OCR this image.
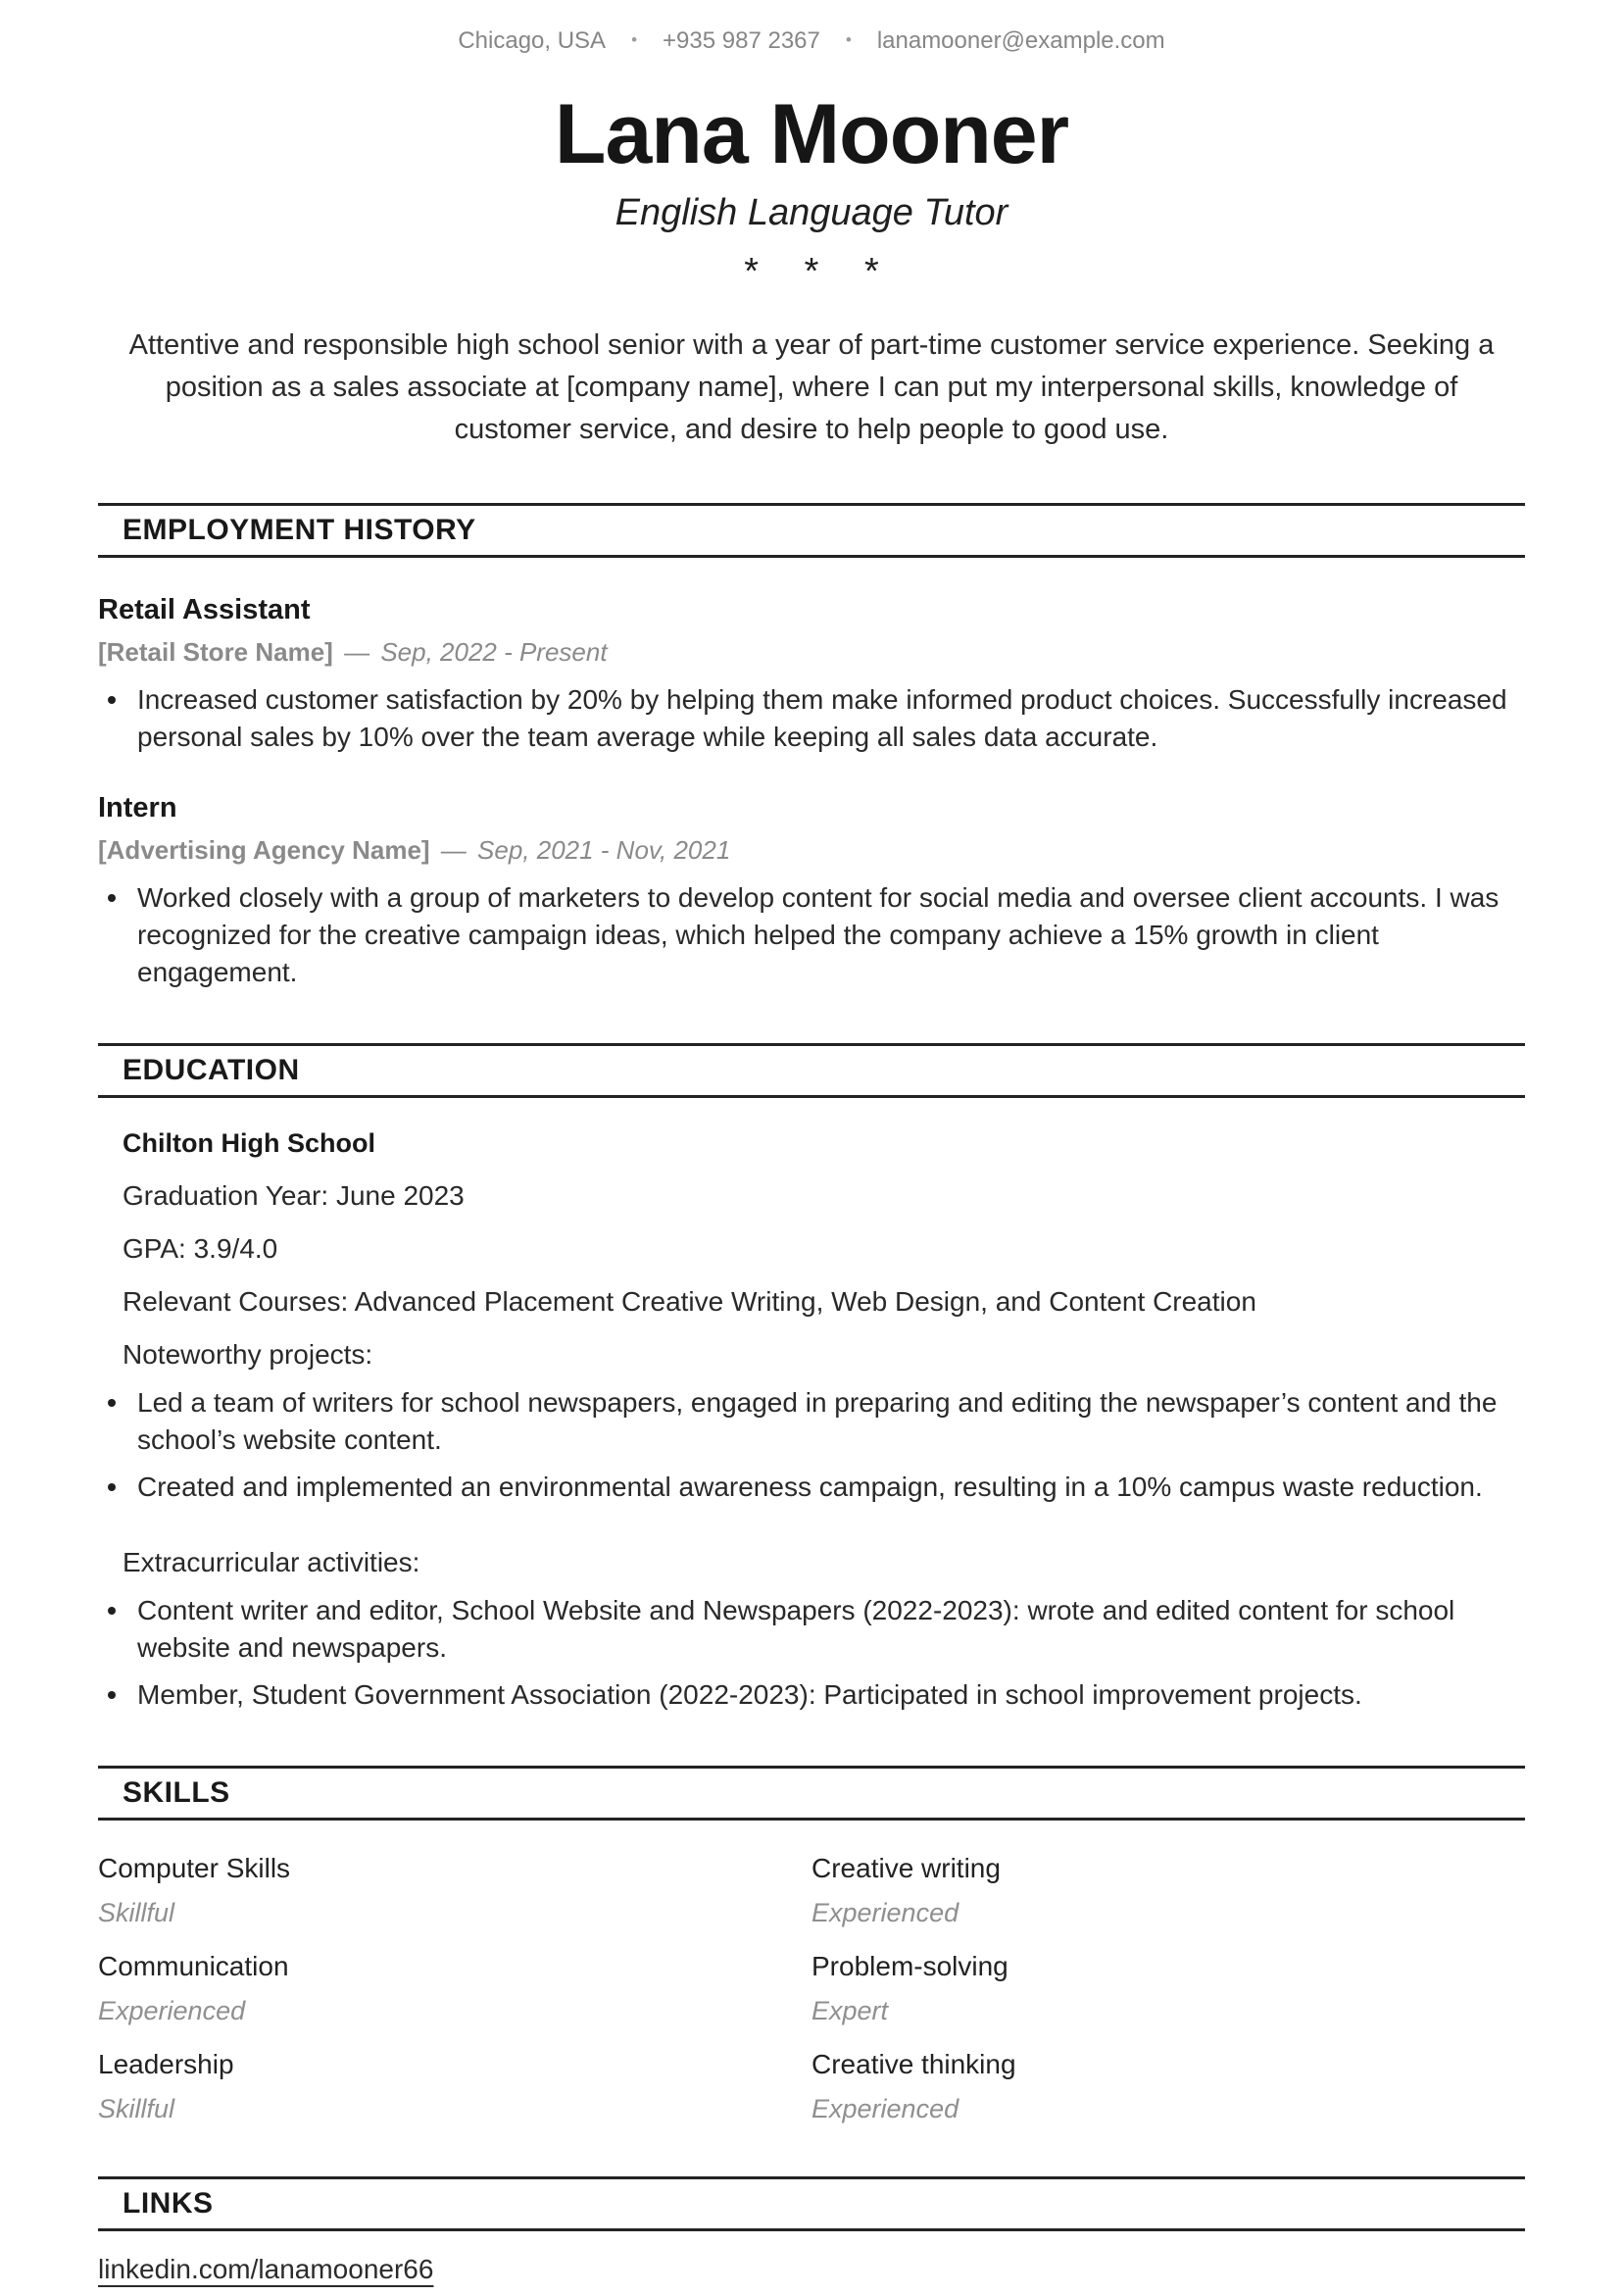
Chicago, USA • +935 987 2367 • lanamooner@example.com
Lana Mooner
English Language Tutor
* * *

Attentive and responsible high school senior with a year of part-time customer service experience. Seeking a position as a sales associate at [company name], where I can put my interpersonal skills, knowledge of customer service, and desire to help people to good use.

EMPLOYMENT HISTORY
Retail Assistant

[Retail Store Name] — Sep, 2022 - Present

Increased customer satisfaction by 20% by helping them make informed product choices. Successfully increased personal sales by 10% over the team average while keeping all sales data accurate.
Intern

[Advertising Agency Name] — Sep, 2021 - Nov, 2021

Worked closely with a group of marketers to develop content for social media and oversee client accounts. I was recognized for the creative campaign ideas, which helped the company achieve a 15% growth in client engagement.
EDUCATION

Chilton High School

Graduation Year: June 2023

GPA: 3.9/4.0

Relevant Courses: Advanced Placement Creative Writing, Web Design, and Content Creation

Noteworthy projects:

Led a team of writers for school newspapers, engaged in preparing and editing the newspaper’s content and the school’s website content.
Created and implemented an environmental awareness campaign, resulting in a 10% campus waste reduction.

Extracurricular activities:

Content writer and editor, School Website and Newspapers (2022-2023): wrote and edited content for school website and newspapers.
Member, Student Government Association (2022-2023): Participated in school improvement projects.
SKILLS
Computer Skills
Skillful
Creative writing
Experienced
Communication
Experienced
Problem-solving
Expert
Leadership
Skillful
Creative thinking
Experienced
LINKS
linkedin.com/lanamooner66
